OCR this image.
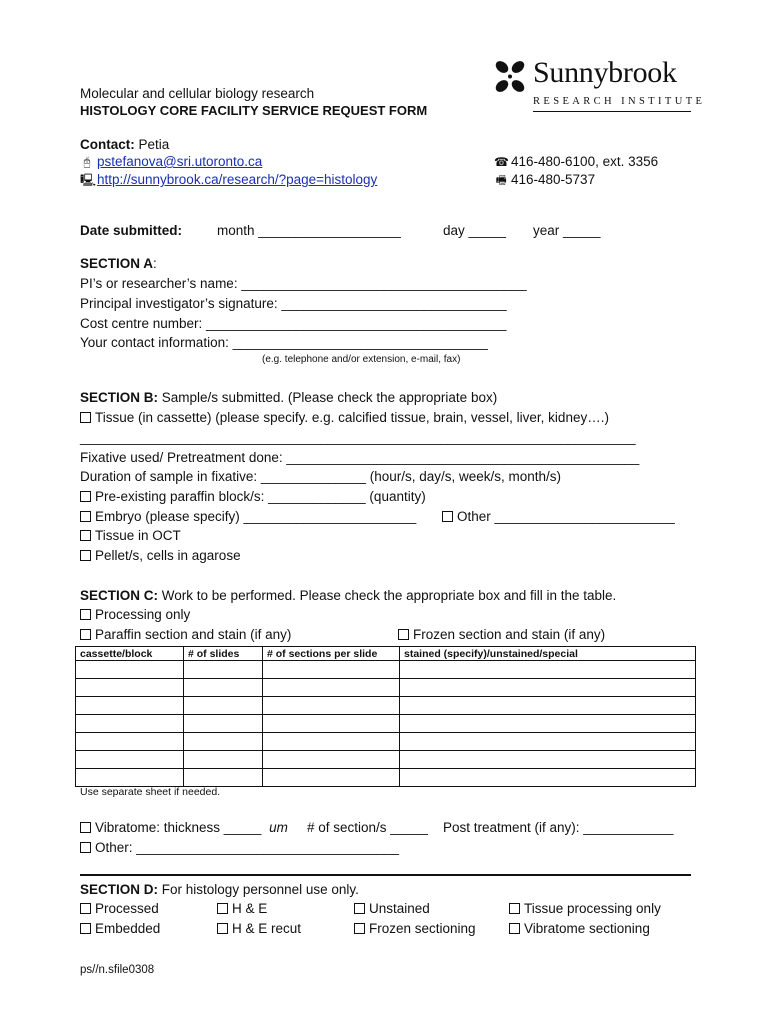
Sunnybrook
RESEARCH INSTITUTE
Molecular and cellular biology research
HISTOLOGY CORE FACILITY SERVICE REQUEST FORM
Contact: Petia
🖰 pstefanova@sri.utoronto.ca
🖳http://sunnybrook.ca/research/?page=histology
☎ 416-480-6100, ext. 3356
🖷 416-480-5737
Date submitted:	month ___________________	day _____ year _____
SECTION A:
PI’s or researcher’s name: ______________________________________
Principal investigator’s signature: ______________________________
Cost centre number: ________________________________________
Your contact information: __________________________________
(e.g. telephone and/or extension, e-mail, fax)
SECTION B: Sample/s submitted. (Please check the appropriate box)
Tissue (in cassette) (please specify. e.g. calcified tissue, brain, vessel, liver, kidney….)
__________________________________________________________________________
Fixative used/ Pretreatment done: _______________________________________________
Duration of sample in fixative: ______________ (hour/s, day/s, week/s, month/s)
Pre-existing paraffin block/s: _____________ (quantity)
Embryo (please specify) _______________________	Other ________________________
Tissue in OCT
Pellet/s, cells in agarose
SECTION C: Work to be performed. Please check the appropriate box and fill in the table.
Processing only
Paraffin section and stain (if any)	Frozen section and stain (if any)
cassette/block	# of slides	# of sections per slide	stained (specify)/unstained/special

Use separate sheet if needed.
Vibratome: thickness _____ um # of section/s _____ Post treatment (if any): ____________
Other: ___________________________________
SECTION D: For histology personnel use only.
Processed	H & E	Unstained	Tissue processing only
Embedded	H & E recut	Frozen sectioning	Vibratome sectioning
ps//n.sfile0308
